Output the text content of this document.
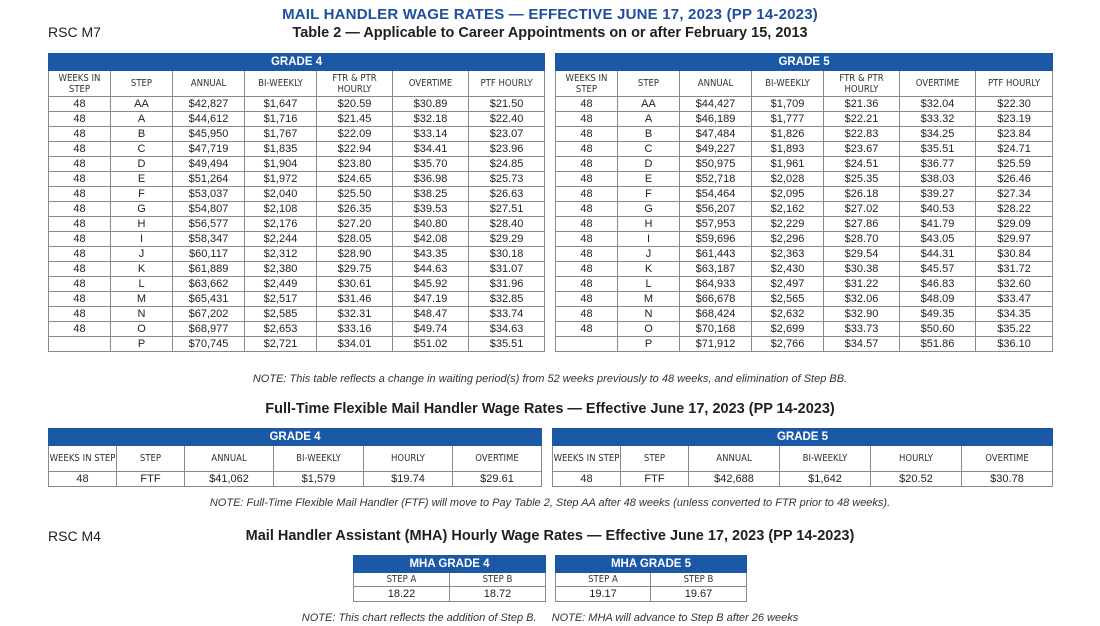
MAIL HANDLER WAGE RATES — EFFECTIVE JUNE 17, 2023 (PP 14-2023)
Table 2 — Applicable to Career Appointments on or after February 15, 2013
RSC M7
GRADE 4						
WEEKS IN STEP	STEP	ANNUAL	BI-WEEKLY	FTR & PTR HOURLY	OVERTIME	PTF HOURLY
48	AA	$42,827	$1,647	$20.59	$30.89	$21.50
48	A	$44,612	$1,716	$21.45	$32.18	$22.40
48	B	$45,950	$1,767	$22.09	$33.14	$23.07
48	C	$47,719	$1,835	$22.94	$34.41	$23.96
48	D	$49,494	$1,904	$23.80	$35.70	$24.85
48	E	$51,264	$1,972	$24.65	$36.98	$25.73
48	F	$53,037	$2,040	$25.50	$38.25	$26.63
48	G	$54,807	$2,108	$26.35	$39.53	$27.51
48	H	$56,577	$2,176	$27.20	$40.80	$28.40
48	I	$58,347	$2,244	$28.05	$42.08	$29.29
48	J	$60,117	$2,312	$28.90	$43.35	$30.18
48	K	$61,889	$2,380	$29.75	$44.63	$31.07
48	L	$63,662	$2,449	$30.61	$45.92	$31.96
48	M	$65,431	$2,517	$31.46	$47.19	$32.85
48	N	$67,202	$2,585	$32.31	$48.47	$33.74
48	O	$68,977	$2,653	$33.16	$49.74	$34.63
	P	$70,745	$2,721	$34.01	$51.02	$35.51
GRADE 5						
WEEKS IN STEP	STEP	ANNUAL	BI-WEEKLY	FTR & PTR HOURLY	OVERTIME	PTF HOURLY
48	AA	$44,427	$1,709	$21.36	$32.04	$22.30
48	A	$46,189	$1,777	$22.21	$33.32	$23.19
48	B	$47,484	$1,826	$22.83	$34.25	$23.84
48	C	$49,227	$1,893	$23.67	$35.51	$24.71
48	D	$50,975	$1,961	$24.51	$36.77	$25.59
48	E	$52,718	$2,028	$25.35	$38.03	$26.46
48	F	$54,464	$2,095	$26.18	$39.27	$27.34
48	G	$56,207	$2,162	$27.02	$40.53	$28.22
48	H	$57,953	$2,229	$27.86	$41.79	$29.09
48	I	$59,696	$2,296	$28.70	$43.05	$29.97
48	J	$61,443	$2,363	$29.54	$44.31	$30.84
48	K	$63,187	$2,430	$30.38	$45.57	$31.72
48	L	$64,933	$2,497	$31.22	$46.83	$32.60
48	M	$66,678	$2,565	$32.06	$48.09	$33.47
48	N	$68,424	$2,632	$32.90	$49.35	$34.35
48	O	$70,168	$2,699	$33.73	$50.60	$35.22
	P	$71,912	$2,766	$34.57	$51.86	$36.10
NOTE: This table reflects a change in waiting period(s) from 52 weeks previously to 48 weeks, and elimination of Step BB.
Full-Time Flexible Mail Handler Wage Rates — Effective June 17, 2023 (PP 14-2023)
GRADE 4					
WEEKS IN STEP	STEP	ANNUAL	BI-WEEKLY	HOURLY	OVERTIME
48	FTF	$41,062	$1,579	$19.74	$29.61
GRADE 5					
WEEKS IN STEP	STEP	ANNUAL	BI-WEEKLY	HOURLY	OVERTIME
48	FTF	$42,688	$1,642	$20.52	$30.78
NOTE: Full-Time Flexible Mail Handler (FTF) will move to Pay Table 2, Step AA after 48 weeks (unless converted to FTR prior to 48 weeks).
RSC M4	Mail Handler Assistant (MHA) Hourly Wage Rates — Effective June 17, 2023 (PP 14-2023)
MHA GRADE 4	
STEP A	STEP B
18.22	18.72
MHA GRADE 5	
STEP A	STEP B
19.17	19.67
NOTE: This chart reflects the addition of Step B. NOTE: MHA will advance to Step B after 26 weeks
